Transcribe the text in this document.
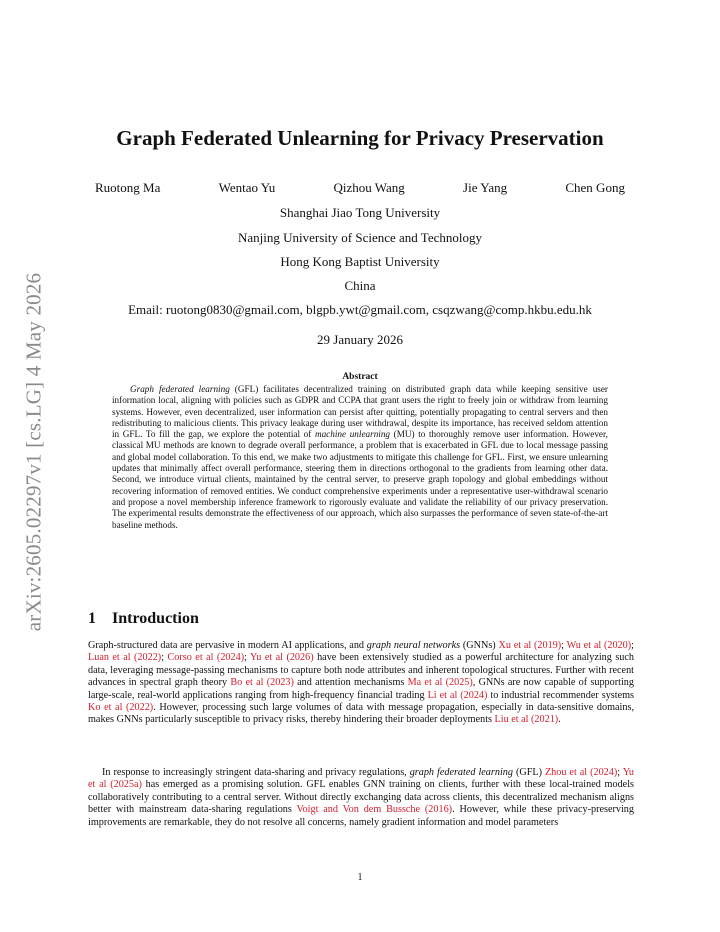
arXiv:2605.02297v1 [cs.LG] 4 May 2026
Graph Federated Unlearning for Privacy Preservation
Ruotong Ma	Wentao Yu	Qizhou Wang	Jie Yang	Chen Gong
Shanghai Jiao Tong University
Nanjing University of Science and Technology
Hong Kong Baptist University
China
Email: ruotong0830@gmail.com, blgpb.ywt@gmail.com, csqzwang@comp.hkbu.edu.hk
29 January 2026
Abstract

Graph federated learning (GFL) facilitates decentralized training on distributed graph data while keeping sensitive user information local, aligning with policies such as GDPR and CCPA that grant users the right to freely join or withdraw from learning systems. However, even decentralized, user information can persist after quitting, potentially propagating to central servers and then redistributing to malicious clients. This privacy leakage during user withdrawal, despite its importance, has received seldom attention in GFL. To fill the gap, we explore the potential of machine unlearning (MU) to thoroughly remove user information. However, classical MU methods are known to degrade overall performance, a problem that is exacerbated in GFL due to local message passing and global model collaboration. To this end, we make two adjustments to mitigate this challenge for GFL. First, we ensure unlearning updates that minimally affect overall performance, steering them in directions orthogonal to the gradients from learning other data. Second, we introduce virtual clients, maintained by the central server, to preserve graph topology and global embeddings without recovering information of removed entities. We conduct comprehensive experiments under a representative user-withdrawal scenario and propose a novel membership inference framework to rigorously evaluate and validate the reliability of our privacy preservation. The experimental results demonstrate the effectiveness of our approach, which also surpasses the performance of seven state-of-the-art baseline methods.

1 Introduction

Graph-structured data are pervasive in modern AI applications, and graph neural networks (GNNs) Xu et al (2019); Wu et al (2020); Luan et al (2022); Corso et al (2024); Yu et al (2026) have been extensively studied as a powerful architecture for analyzing such data, leveraging message-passing mechanisms to capture both node attributes and inherent topological structures. Further with recent advances in spectral graph theory Bo et al (2023) and attention mechanisms Ma et al (2025), GNNs are now capable of supporting large-scale, real-world applications ranging from high-frequency financial trading Li et al (2024) to industrial recommender systems Ko et al (2022). However, processing such large volumes of data with message propagation, especially in data-sensitive domains, makes GNNs particularly susceptible to privacy risks, thereby hindering their broader deployments Liu et al (2021).

In response to increasingly stringent data-sharing and privacy regulations, graph federated learning (GFL) Zhou et al (2024); Yu et al (2025a) has emerged as a promising solution. GFL enables GNN training on clients, further with these local-trained models collaboratively contributing to a central server. Without directly exchanging data across clients, this decentralized mechanism aligns better with mainstream data-sharing regulations Voigt and Von dem Bussche (2016). However, while these privacy-preserving improvements are remarkable, they do not resolve all concerns, namely gradient information and model parameters

1
